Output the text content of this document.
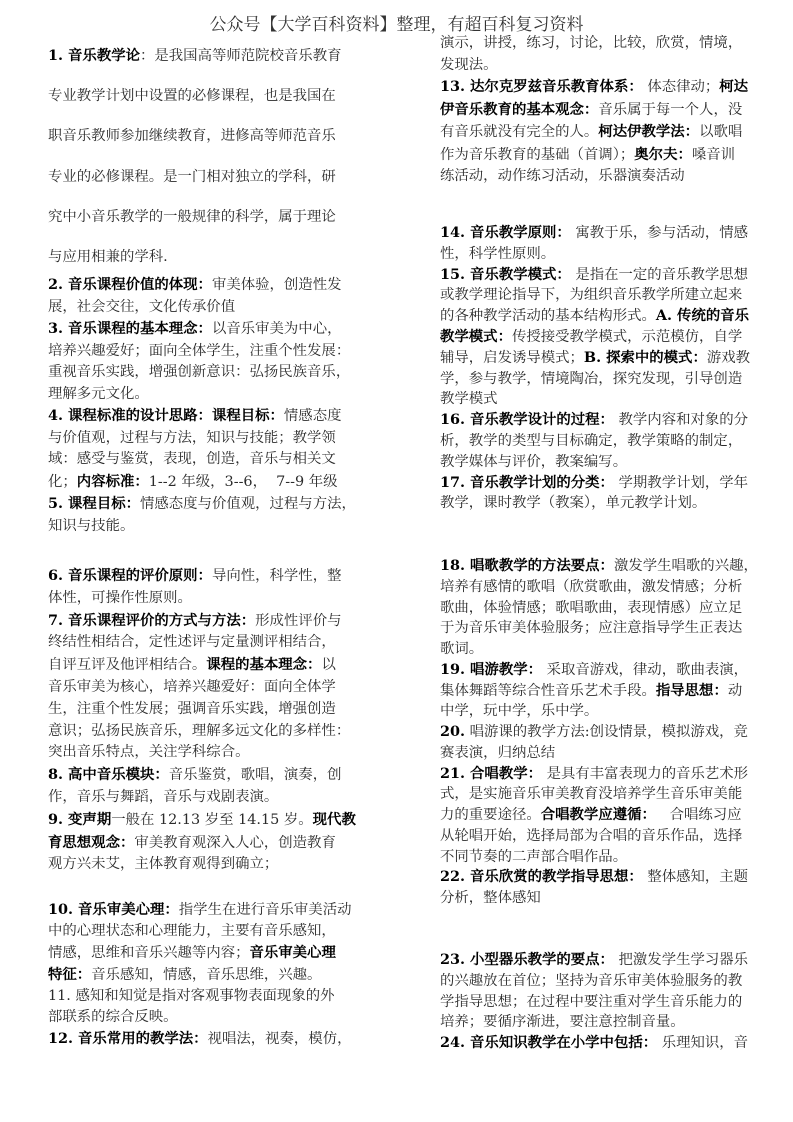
公众号【大学百科资料】整理，有超百科复习资料
1. 音乐教学论：是我国高等师范院校音乐教育
专业教学计划中设置的必修课程，也是我国在
职音乐教师参加继续教育，进修高等师范音乐
专业的必修课程。是一门相对独立的学科，研
究中小音乐教学的一般规律的科学，属于理论
与应用相兼的学科.
2. 音乐课程价值的体现：审美体验，创造性发
展，社会交往，文化传承价值
3. 音乐课程的基本理念：以音乐审美为中心，
培养兴趣爱好；面向全体学生，注重个性发展：
重视音乐实践，增强创新意识：弘扬民族音乐，
理解多元文化。
4. 课程标准的设计思路：课程目标：情感态度
与价值观，过程与方法，知识与技能；教学领
域：感受与鉴赏，表现，创造，音乐与相关文
化；内容标准：1--2 年级，3--6，  7--9 年级
5. 课程目标：情感态度与价值观，过程与方法，
知识与技能。
6. 音乐课程的评价原则：导向性，科学性，整
体性，可操作性原则。
7. 音乐课程评价的方式与方法：形成性评价与
终结性相结合，定性述评与定量测评相结合，
自评互评及他评相结合。课程的基本理念：以
音乐审美为核心，培养兴趣爱好：面向全体学
生，注重个性发展；强调音乐实践，增强创造
意识；弘扬民族音乐，理解多远文化的多样性：
突出音乐特点，关注学科综合。
8. 高中音乐模块：音乐鉴赏，歌唱，演奏，创
作，音乐与舞蹈，音乐与戏剧表演。
9. 变声期一般在 12.13 岁至 14.15 岁。现代教
育思想观念：审美教育观深入人心，创造教育
观方兴未艾，主体教育观得到确立；
10. 音乐审美心理：指学生在进行音乐审美活动
中的心理状态和心理能力，主要有音乐感知，
情感，思维和音乐兴趣等内容；音乐审美心理
特征：音乐感知，情感，音乐思维，兴趣。
11. 感知和知觉是指对客观事物表面现象的外
部联系的综合反映。
12. 音乐常用的教学法：视唱法，视奏，模仿，
演示，讲授，练习，讨论，比较，欣赏，情境，
发现法。
13. 达尔克罗兹音乐教育体系： 体态律动；柯达
伊音乐教育的基本观念：音乐属于每一个人，没
有音乐就没有完全的人。柯达伊教学法：以歌唱
作为音乐教育的基础（首调）；奥尔夫：嗓音训
练活动，动作练习活动，乐器演奏活动
14. 音乐教学原则： 寓教于乐，参与活动，情感
性，科学性原则。
15. 音乐教学模式： 是指在一定的音乐教学思想
或教学理论指导下，为组织音乐教学所建立起来
的各种教学活动的基本结构形式。A. 传统的音乐
教学模式：传授接受教学模式，示范模仿，自学
辅导，启发诱导模式；B. 探索中的模式：游戏教
学，参与教学，情境陶冶，探究发现，引导创造
教学模式
16. 音乐教学设计的过程： 教学内容和对象的分
析，教学的类型与目标确定，教学策略的制定，
教学媒体与评价，教案编写。
17. 音乐教学计划的分类： 学期教学计划，学年
教学，课时教学（教案），单元教学计划。
18. 唱歌教学的方法要点：激发学生唱歌的兴趣，
培养有感情的歌唱（欣赏歌曲，激发情感；分析
歌曲，体验情感；歌唱歌曲，表现情感）应立足
于为音乐审美体验服务；应注意指导学生正表达
歌词。
19. 唱游教学： 采取音游戏，律动，歌曲表演，
集体舞蹈等综合性音乐艺术手段。指导思想：动
中学，玩中学，乐中学。
20. 唱游课的教学方法:创设情景，模拟游戏，竞
赛表演，归纳总结
21. 合唱教学： 是具有丰富表现力的音乐艺术形
式，是实施音乐审美教育没培养学生音乐审美能
力的重要途径。合唱教学应遵循：   合唱练习应
从轮唱开始，选择局部为合唱的音乐作品，选择
不同节奏的二声部合唱作品。
22. 音乐欣赏的教学指导思想： 整体感知，主题
分析，整体感知
23. 小型器乐教学的要点： 把激发学生学习器乐
的兴趣放在首位；坚持为音乐审美体验服务的教
学指导思想；在过程中要注重对学生音乐能力的
培养；要循序渐进，要注意控制音量。
24. 音乐知识教学在小学中包括： 乐理知识，音
